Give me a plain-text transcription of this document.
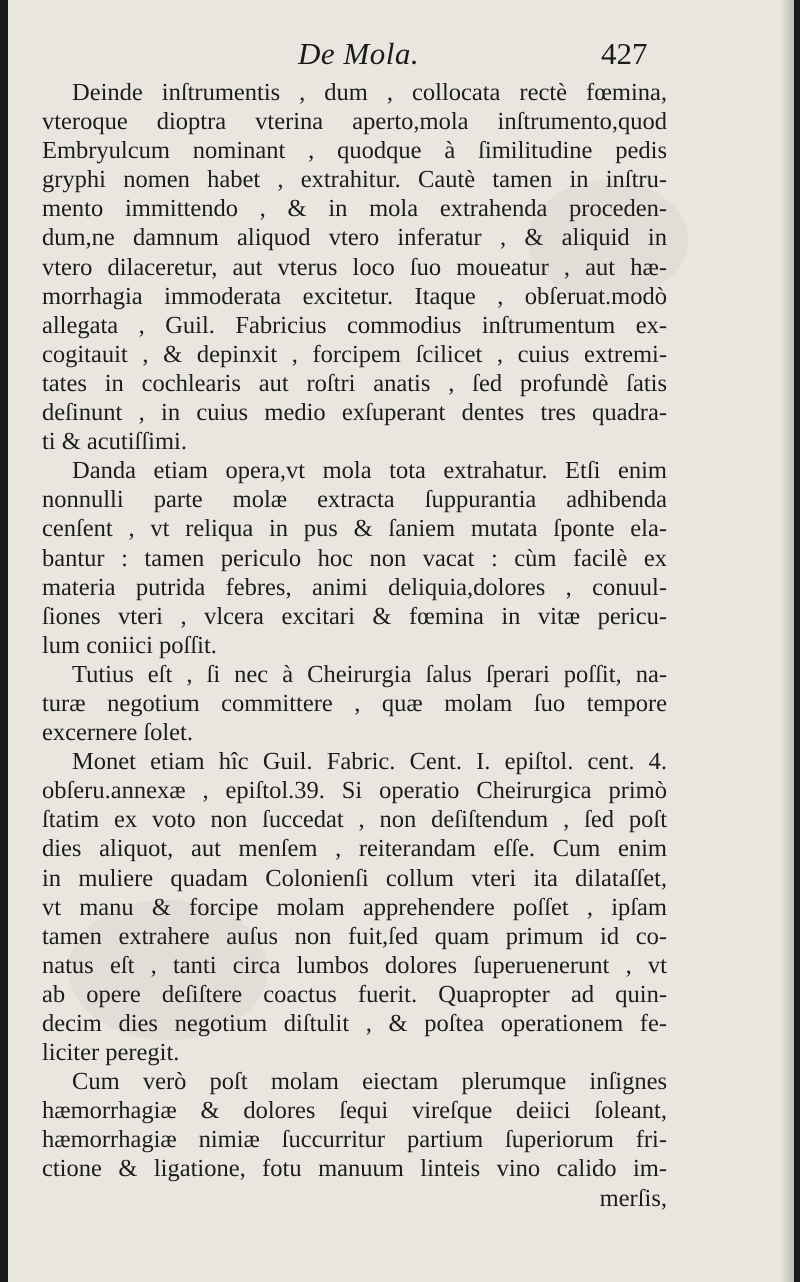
De Mola.	427

Deinde inſtrumentis , dum , collocata rectè fœmina,
vteroque dioptra vterina aperto,mola inſtrumento,quod
Embryulcum nominant , quodque à ſimilitudine pedis
gryphi nomen habet , extrahitur. Cautè tamen in inſtru-
mento immittendo , & in mola extrahenda proceden-
dum,ne damnum aliquod vtero inferatur , & aliquid in
vtero dilaceretur, aut vterus loco ſuo moueatur , aut hæ-
morrhagia immoderata excitetur. Itaque , obſeruat.modò
allegata , Guil. Fabricius commodius inſtrumentum ex-
cogitauit , & depinxit , forcipem ſcilicet , cuius extremi-
tates in cochlearis aut roſtri anatis , ſed profundè ſatis
deſinunt , in cuius medio exſuperant dentes tres quadra-
ti & acutiſſimi.

Danda etiam opera,vt mola tota extrahatur. Etſi enim
nonnulli parte molæ extracta ſuppurantia adhibenda
cenſent , vt reliqua in pus & ſaniem mutata ſponte ela-
bantur : tamen periculo hoc non vacat : cùm facilè ex
materia putrida febres, animi deliquia,dolores , conuul-
ſiones vteri , vlcera excitari & fœmina in vitæ pericu-
lum coniici poſſit.

Tutius eſt , ſi nec à Cheirurgia ſalus ſperari poſſit, na-
turæ negotium committere , quæ molam ſuo tempore
excernere ſolet.

Monet etiam hîc Guil. Fabric. Cent. I. epiſtol. cent. 4.
obſeru.annexæ , epiſtol.39. Si operatio Cheirurgica primò
ſtatim ex voto non ſuccedat , non deſiſtendum , ſed poſt
dies aliquot, aut menſem , reiterandam eſſe. Cum enim
in muliere quadam Colonienſi collum vteri ita dilataſſet,
vt manu & forcipe molam apprehendere poſſet , ipſam
tamen extrahere auſus non fuit,ſed quam primum id co-
natus eſt , tanti circa lumbos dolores ſuperuenerunt , vt
ab opere deſiſtere coactus fuerit. Quapropter ad quin-
decim dies negotium diſtulit , & poſtea operationem fe-
liciter peregit.

Cum verò poſt molam eiectam plerumque inſignes
hæmorrhagiæ & dolores ſequi vireſque deiici ſoleant,
hæmorrhagiæ nimiæ ſuccurritur partium ſuperiorum fri-
ctione & ligatione, fotu manuum linteis vino calido im-
merſis,
